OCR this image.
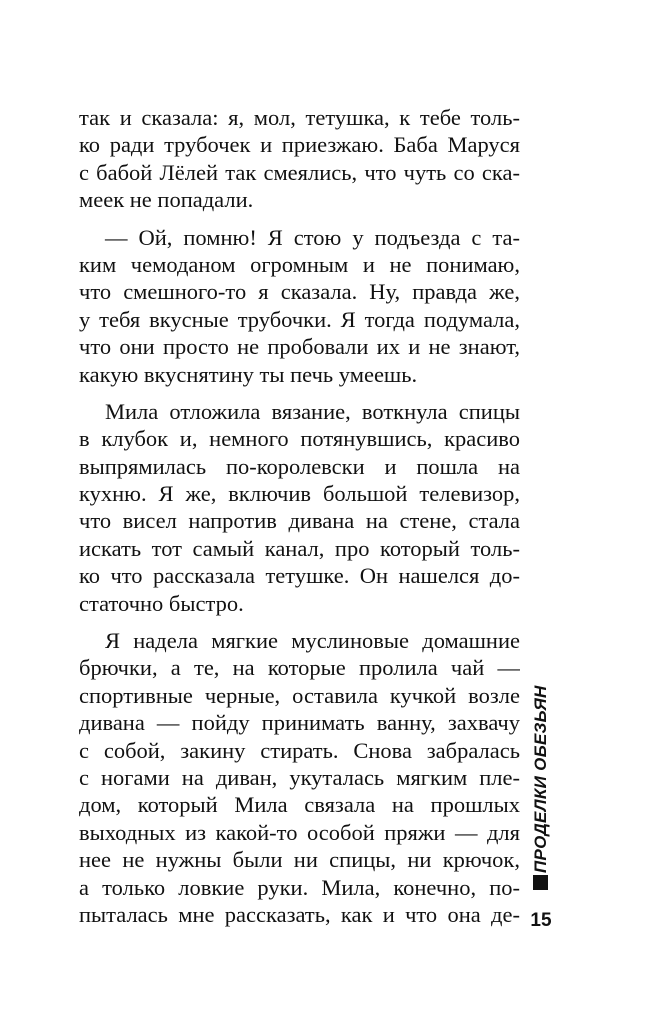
так и сказала: я, мол, тетушка, к тебе толь-
ко ради трубочек и приезжаю. Баба Маруся
с бабой Лёлей так смеялись, что чуть со ска-
меек не попадали.
— Ой, помню! Я стою у подъезда с та-
ким чемоданом огромным и не понимаю,
что смешного-то я сказала. Ну, правда же,
у тебя вкусные трубочки. Я тогда подумала,
что они просто не пробовали их и не знают,
какую вкуснятину ты печь умеешь.
Мила отложила вязание, воткнула спицы
в клубок и, немного потянувшись, красиво
выпрямилась по-королевски и пошла на
кухню. Я же, включив большой телевизор,
что висел напротив дивана на стене, стала
искать тот самый канал, про который толь-
ко что рассказала тетушке. Он нашелся до-
статочно быстро.
Я надела мягкие муслиновые домашние
брючки, а те, на которые пролила чай —
спортивные черные, оставила кучкой возле
дивана — пойду принимать ванну, захвачу
с собой, закину стирать. Снова забралась
с ногами на диван, укуталась мягким пле-
дом, который Мила связала на прошлых
выходных из какой-то особой пряжи — для
нее не нужны были ни спицы, ни крючок,
а только ловкие руки. Мила, конечно, по-
пыталась мне рассказать, как и что она де-
ПРОДЕЛКИ ОБЕЗЬЯН
15
